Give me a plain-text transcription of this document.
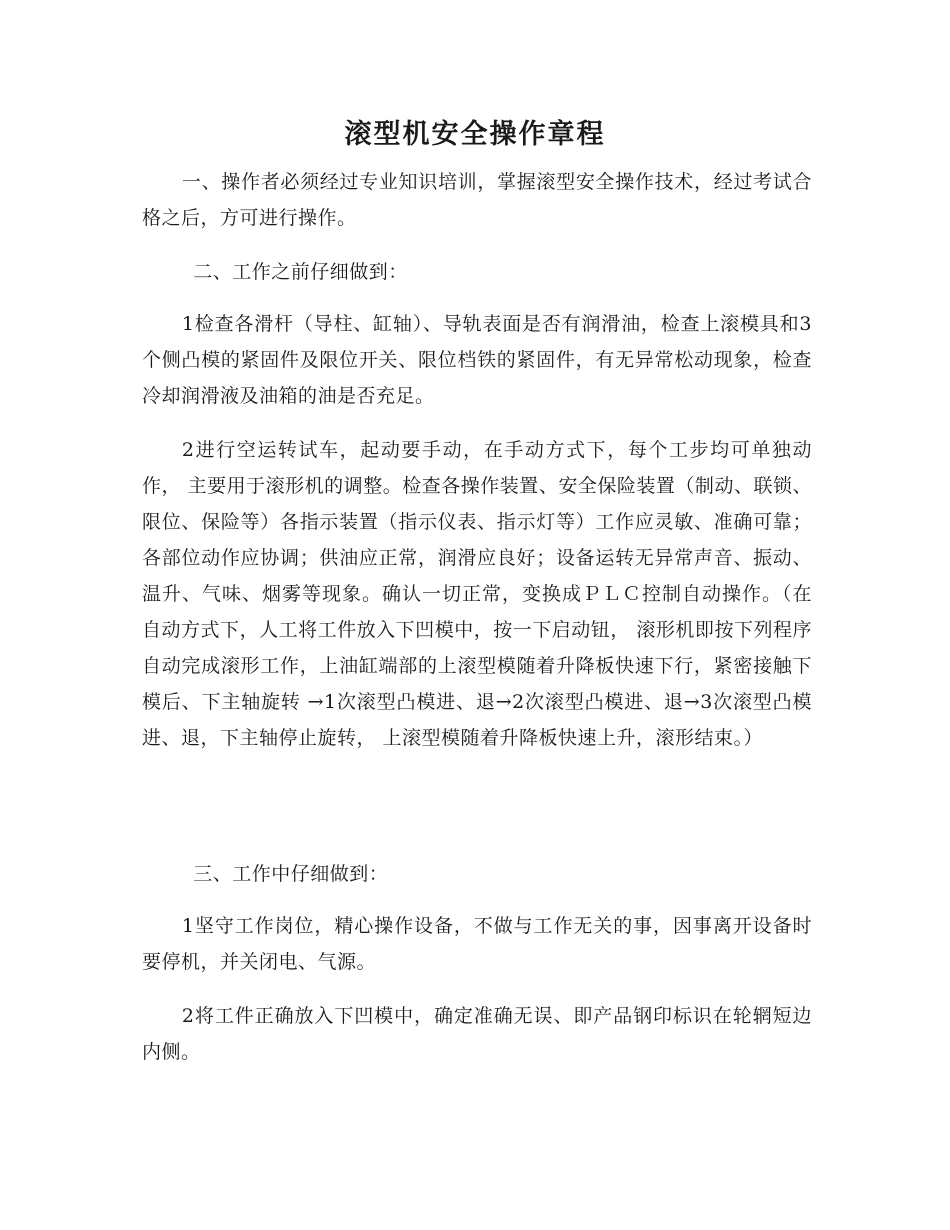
滚型机安全操作章程

一、操作者必须经过专业知识培训，掌握滚型安全操作技术，经过考试合格之后，方可进行操作。

二、工作之前仔细做到：

1检查各滑杆（导柱、缸轴）、导轨表面是否有润滑油，检查上滚模具和3个侧凸模的紧固件及限位开关、限位档铁的紧固件，有无异常松动现象，检查冷却润滑液及油箱的油是否充足。

2进行空运转试车，起动要手动，在手动方式下，每个工步均可单独动作， 主要用于滚形机的调整。检查各操作装置、安全保险装置（制动、联锁、限位、保险等）各指示装置（指示仪表、指示灯等）工作应灵敏、准确可靠；各部位动作应协调；供油应正常，润滑应良好；设备运转无异常声音、振动、温升、气味、烟雾等现象。确认一切正常，变换成ＰＬＣ控制自动操作。（在自动方式下，人工将工件放入下凹模中，按一下启动钮， 滚形机即按下列程序自动完成滚形工作，上油缸端部的上滚型模随着升降板快速下行，紧密接触下模后、下主轴旋转 →1次滚型凸模进、退→2次滚型凸模进、退→3次滚型凸模进、退，下主轴停止旋转， 上滚型模随着升降板快速上升，滚形结束。）

三、工作中仔细做到：

1坚守工作岗位，精心操作设备，不做与工作无关的事，因事离开设备时要停机，并关闭电、气源。

2将工件正确放入下凹模中，确定准确无误、即产品钢印标识在轮辋短边内侧。
